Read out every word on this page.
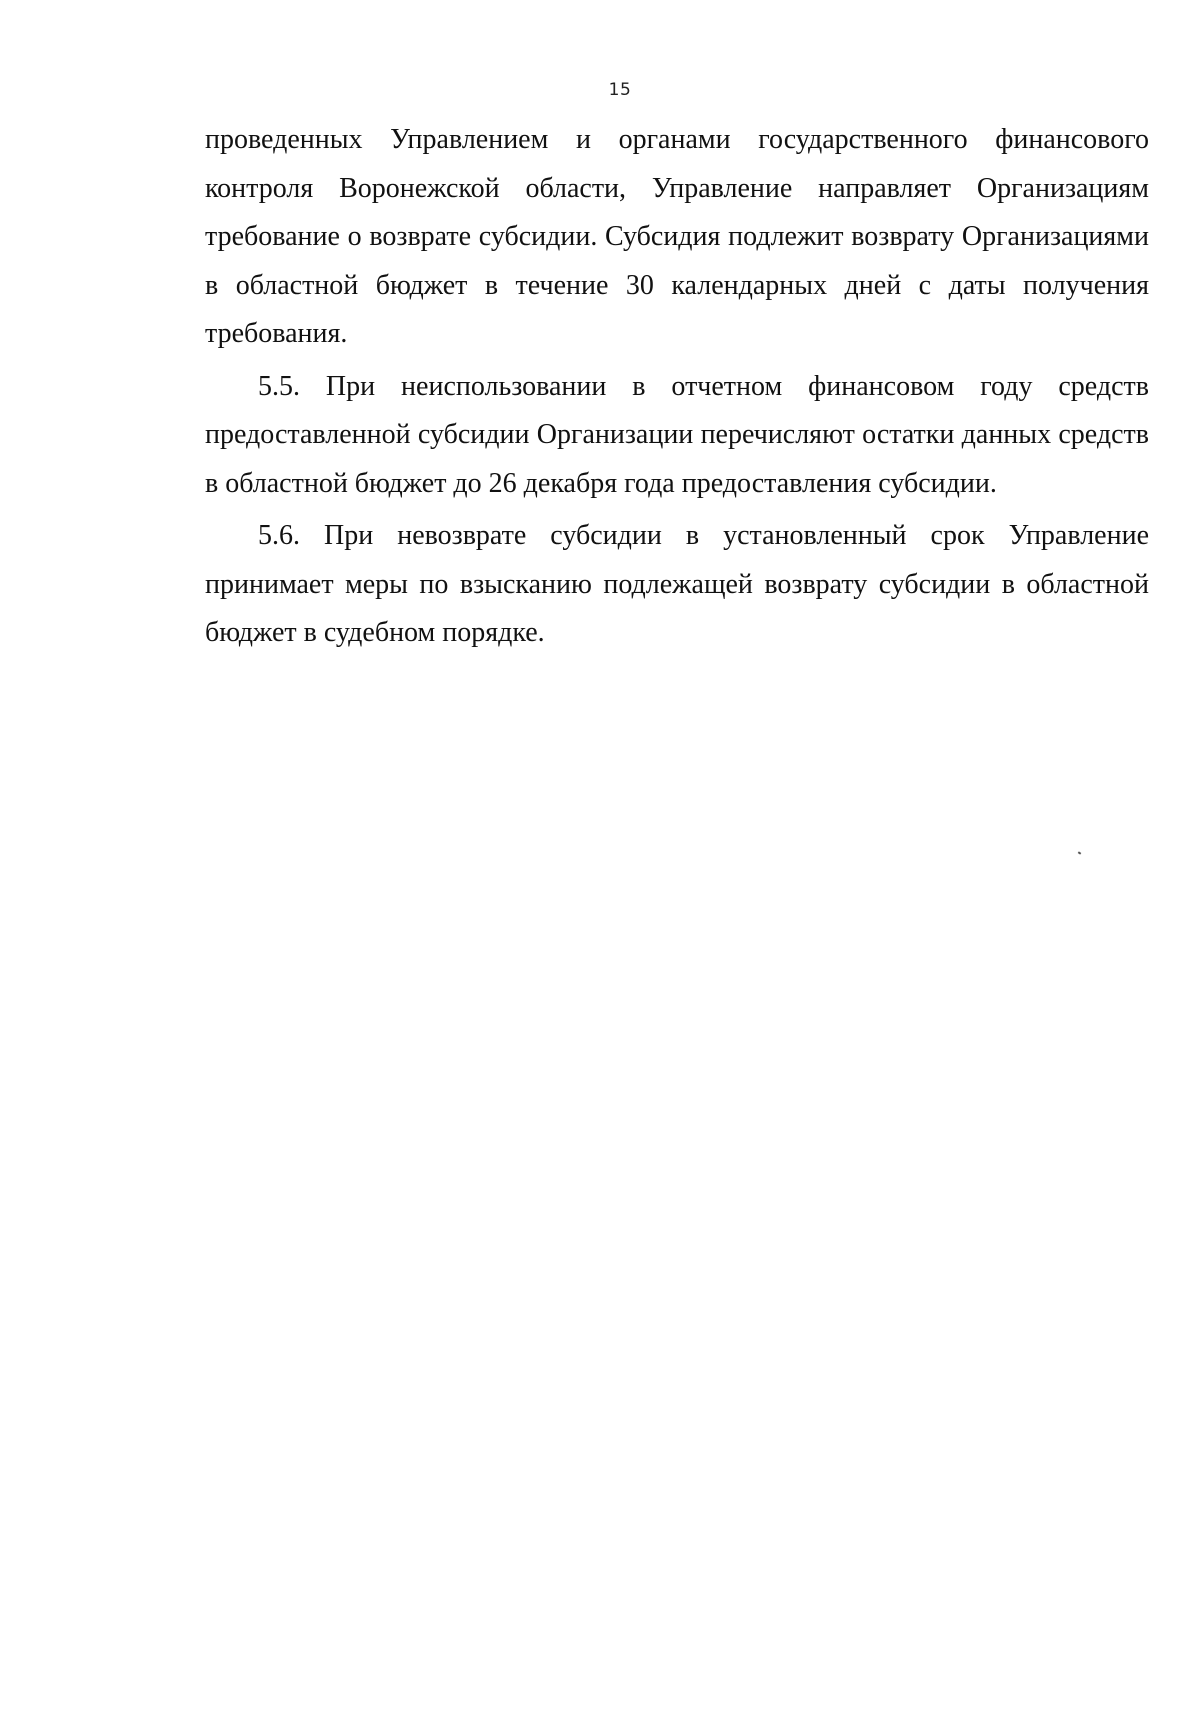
15

проведенных Управлением и органами государственного финансового контроля Воронежской области, Управление направляет Организациям требование о возврате субсидии. Субсидия подлежит возврату Организациями в областной бюджет в течение 30 календарных дней с даты получения требования.

5.5. При неиспользовании в отчетном финансовом году средств предоставленной субсидии Организации перечисляют остатки данных средств в областной бюджет до 26 декабря года предоставления субсидии.

5.6. При невозврате субсидии в установленный срок Управление принимает меры по взысканию подлежащей возврату субсидии в областной бюджет в судебном порядке.
